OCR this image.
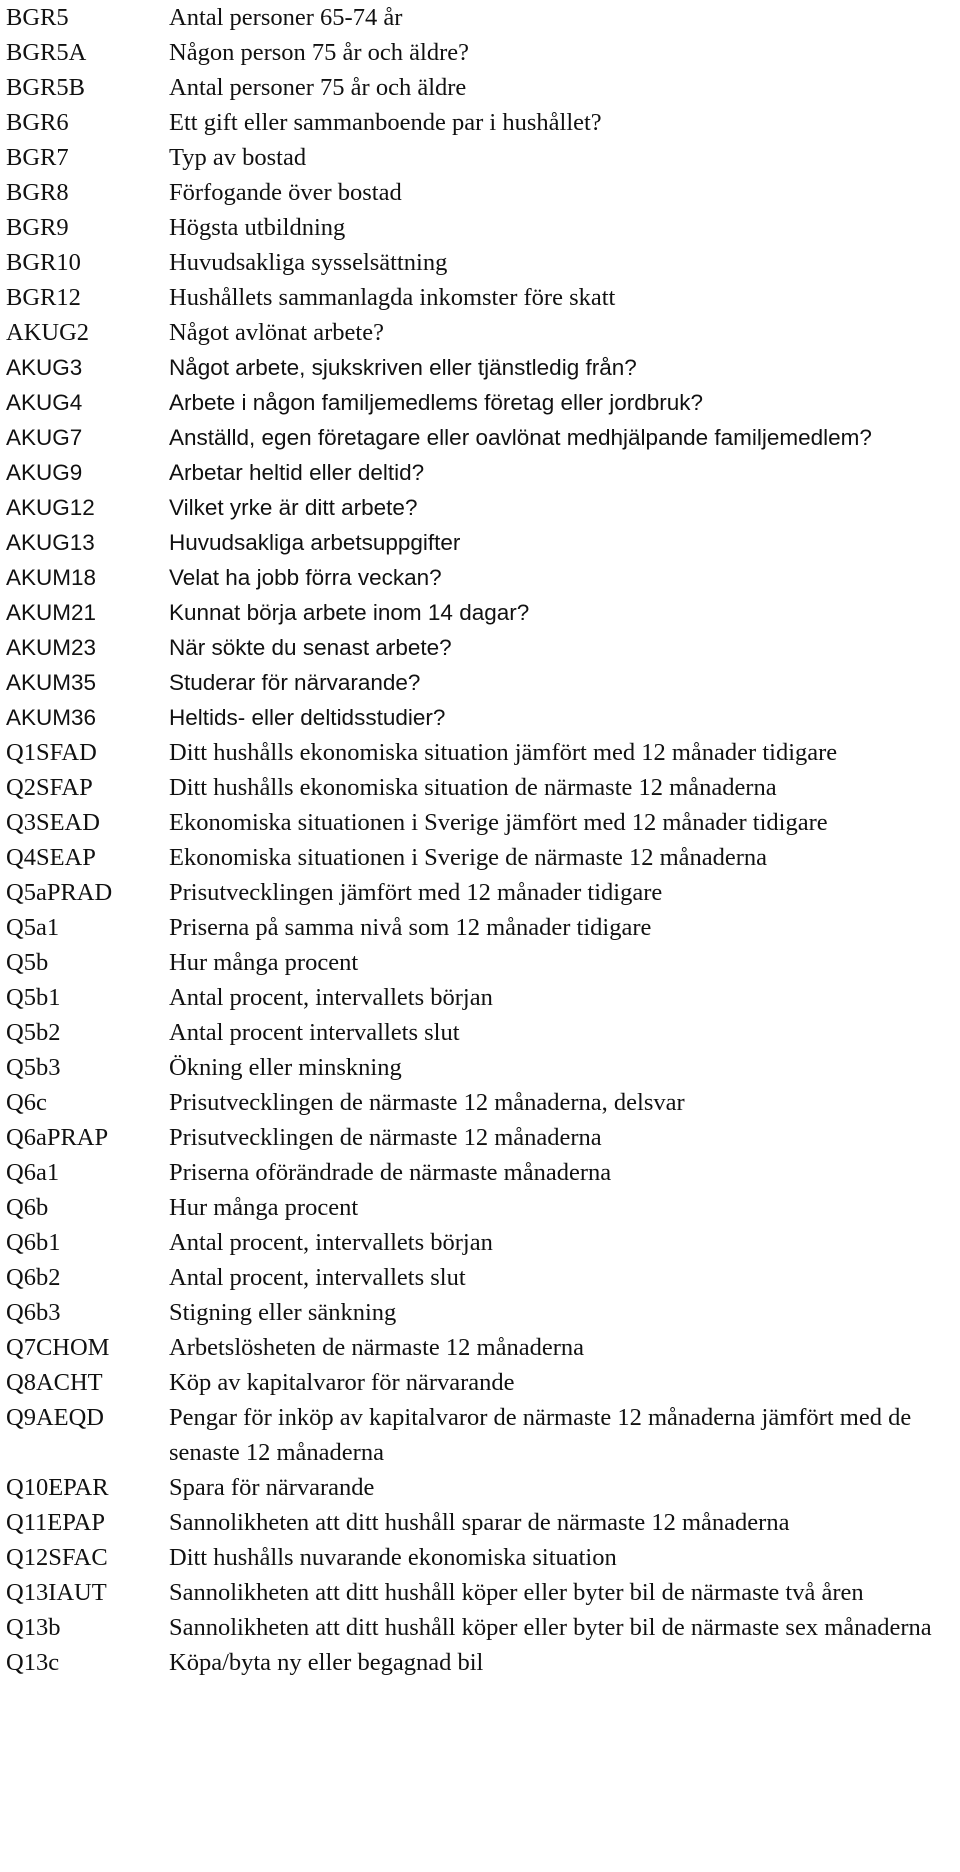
BGR5	Antal personer 65-74 år
BGR5A	Någon person 75 år och äldre?
BGR5B	Antal personer 75 år och äldre
BGR6	Ett gift eller sammanboende par i hushållet?
BGR7	Typ av bostad
BGR8	Förfogande över bostad
BGR9	Högsta utbildning
BGR10	Huvudsakliga sysselsättning
BGR12	Hushållets sammanlagda inkomster före skatt
AKUG2	Något avlönat arbete?
AKUG3	Något arbete, sjukskriven eller tjänstledig från?
AKUG4	Arbete i någon familjemedlems företag eller jordbruk?
AKUG7	Anställd, egen företagare eller oavlönat medhjälpande familjemedlem?
AKUG9	Arbetar heltid eller deltid?
AKUG12	Vilket yrke är ditt arbete?
AKUG13	Huvudsakliga arbetsuppgifter
AKUM18	Velat ha jobb förra veckan?
AKUM21	Kunnat börja arbete inom 14 dagar?
AKUM23	När sökte du senast arbete?
AKUM35	Studerar för närvarande?
AKUM36	Heltids- eller deltidsstudier?
Q1SFAD	Ditt hushålls ekonomiska situation jämfört med 12 månader tidigare
Q2SFAP	Ditt hushålls ekonomiska situation de närmaste 12 månaderna
Q3SEAD	Ekonomiska situationen i Sverige jämfört med 12 månader tidigare
Q4SEAP	Ekonomiska situationen i Sverige de närmaste 12 månaderna
Q5aPRAD	Prisutvecklingen jämfört med 12 månader tidigare
Q5a1	Priserna på samma nivå som 12 månader tidigare
Q5b	Hur många procent
Q5b1	Antal procent, intervallets början
Q5b2	Antal procent intervallets slut
Q5b3	Ökning eller minskning
Q6c	Prisutvecklingen de närmaste 12 månaderna, delsvar
Q6aPRAP	Prisutvecklingen de närmaste 12 månaderna
Q6a1	Priserna oförändrade de närmaste månaderna
Q6b	Hur många procent
Q6b1	Antal procent, intervallets början
Q6b2	Antal procent, intervallets slut
Q6b3	Stigning eller sänkning
Q7CHOM	Arbetslösheten de närmaste 12 månaderna
Q8ACHT	Köp av kapitalvaror för närvarande
Q9AEQD	Pengar för inköp av kapitalvaror de närmaste 12 månaderna jämfört med de senaste 12 månaderna
Q10EPAR	Spara för närvarande
Q11EPAP	Sannolikheten att ditt hushåll sparar de närmaste 12 månaderna
Q12SFAC	Ditt hushålls nuvarande ekonomiska situation
Q13IAUT	Sannolikheten att ditt hushåll köper eller byter bil de närmaste två åren
Q13b	Sannolikheten att ditt hushåll köper eller byter bil de närmaste sex månaderna
Q13c	Köpa/byta ny eller begagnad bil
